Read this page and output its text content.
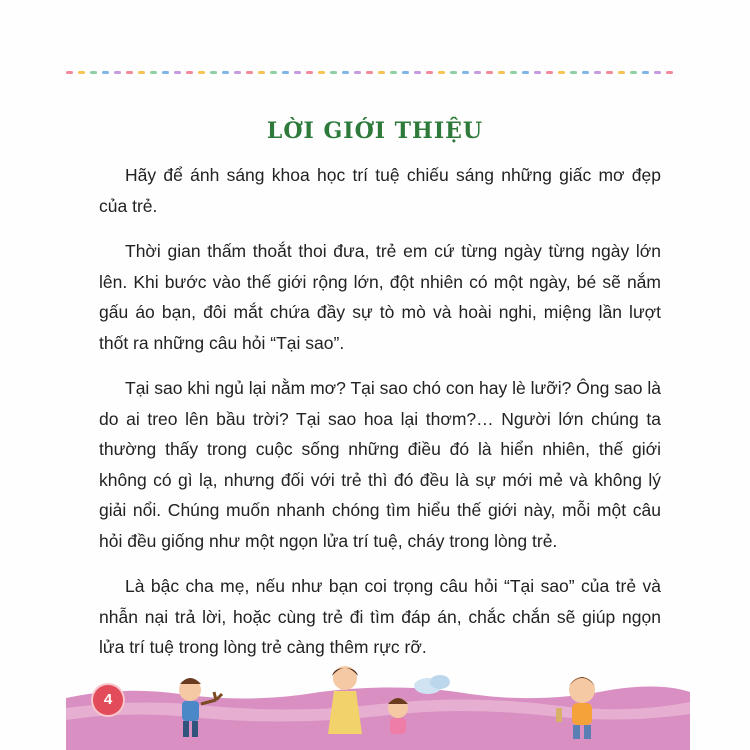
LỜI GIỚI THIỆU

Hãy để ánh sáng khoa học trí tuệ chiếu sáng những giấc mơ đẹp của trẻ.

Thời gian thấm thoắt thoi đưa, trẻ em cứ từng ngày từng ngày lớn lên. Khi bước vào thế giới rộng lớn, đột nhiên có một ngày, bé sẽ nắm gấu áo bạn, đôi mắt chứa đầy sự tò mò và hoài nghi, miệng lần lượt thốt ra những câu hỏi “Tại sao”.

Tại sao khi ngủ lại nằm mơ? Tại sao chó con hay lè lưỡi? Ông sao là do ai treo lên bầu trời? Tại sao hoa lại thơm?… Người lớn chúng ta thường thấy trong cuộc sống những điều đó là hiển nhiên, thế giới không có gì lạ, nhưng đối với trẻ thì đó đều là sự mới mẻ và không lý giải nổi. Chúng muốn nhanh chóng tìm hiểu thế giới này, mỗi một câu hỏi đều giống như một ngọn lửa trí tuệ, cháy trong lòng trẻ.

Là bậc cha mẹ, nếu như bạn coi trọng câu hỏi “Tại sao” của trẻ và nhẫn nại trả lời, hoặc cùng trẻ đi tìm đáp án, chắc chắn sẽ giúp ngọn lửa trí tuệ trong lòng trẻ càng thêm rực rỡ.

4
